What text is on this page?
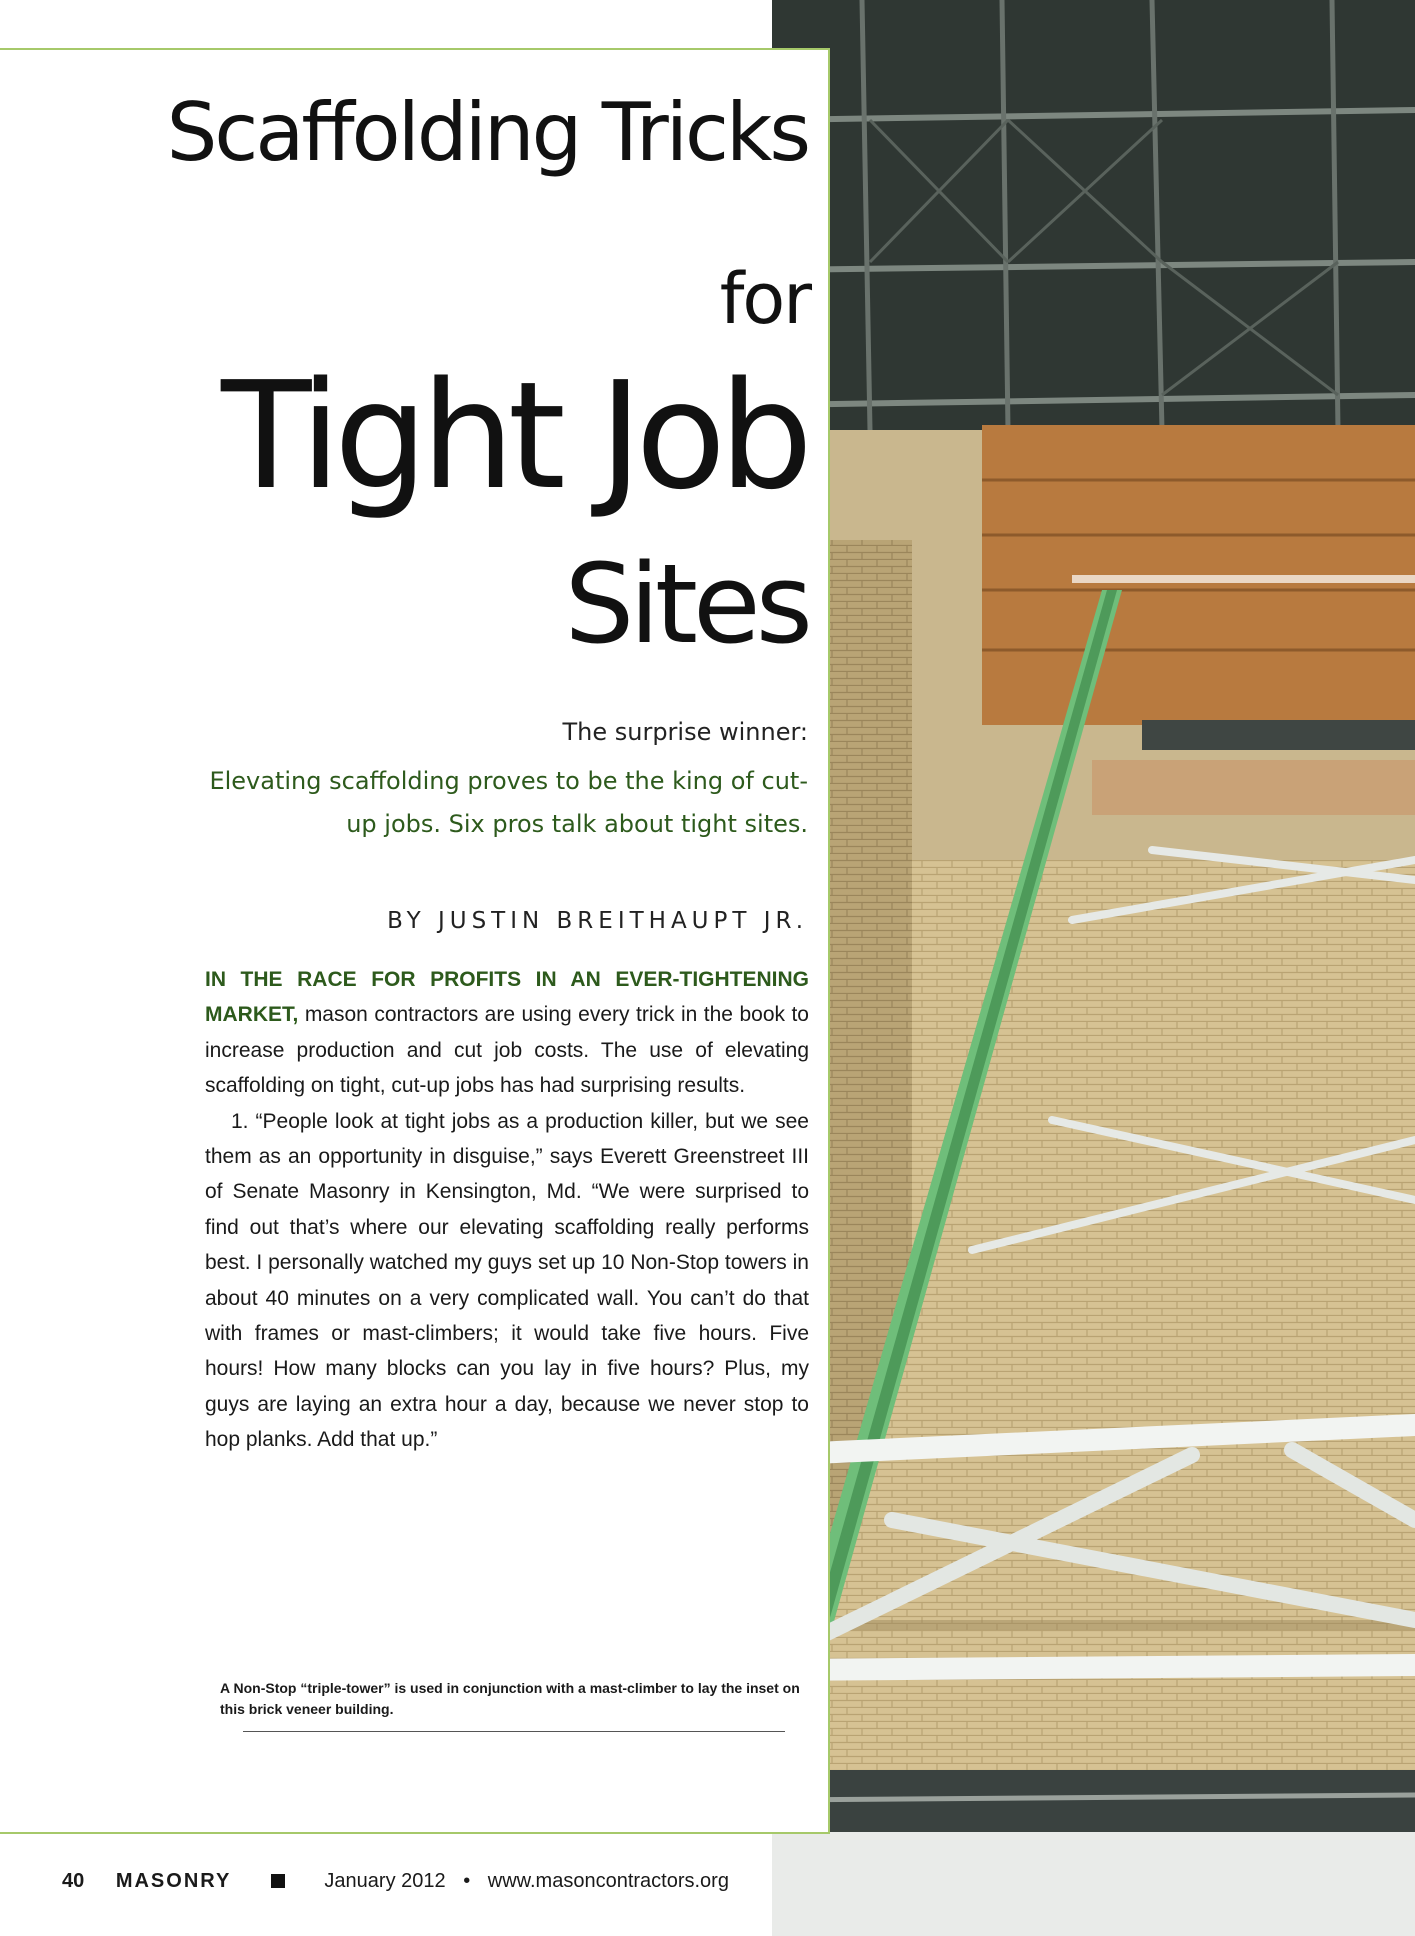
Scaffolding Tricks
for
Tight Job
Sites

The surprise winner:

Elevating scaffolding proves to be the king of cut-up jobs. Six pros talk about tight sites.

BY JUSTIN BREITHAUPT JR.

IN THE RACE FOR PROFITS IN AN EVER-TIGHTENING MARKET, mason contractors are using every trick in the book to increase production and cut job costs. The use of elevating scaffolding on tight, cut-up jobs has had surprising results.

1. “People look at tight jobs as a production killer, but we see them as an opportunity in disguise,” says Everett Greenstreet III of Senate Masonry in Kensington, Md. “We were surprised to find out that’s where our elevating scaffolding really performs best. I personally watched my guys set up 10 Non-Stop towers in about 40 minutes on a very complicated wall. You can’t do that with frames or mast-climbers; it would take five hours. Five hours! How many blocks can you lay in five hours? Plus, my guys are laying an extra hour a day, because we never stop to hop planks. Add that up.”

A Non-Stop “triple-tower” is used in conjunction with a mast-climber to lay the inset on this brick veneer building.
40 MASONRY	January 2012 • www.masoncontractors.org
